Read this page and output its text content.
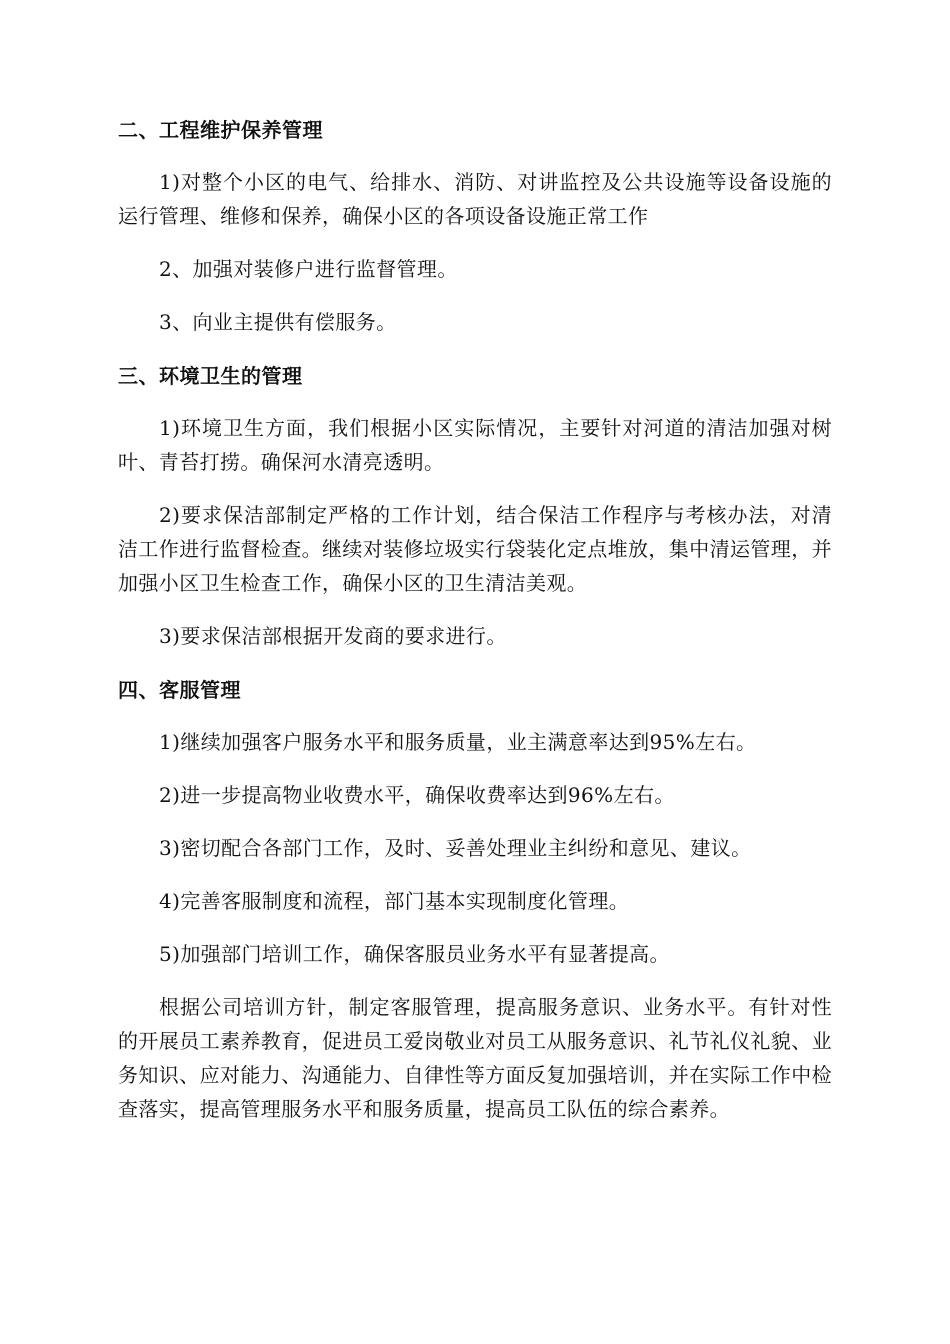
二、工程维护保养管理

1)对整个小区的电气、给排水、消防、对讲监控及公共设施等设备设施的运行管理、维修和保养，确保小区的各项设备设施正常工作

2、加强对装修户进行监督管理。

3、向业主提供有偿服务。

三、环境卫生的管理

1)环境卫生方面，我们根据小区实际情况，主要针对河道的清洁加强对树叶、青苔打捞。确保河水清亮透明。

2)要求保洁部制定严格的工作计划，结合保洁工作程序与考核办法，对清洁工作进行监督检查。继续对装修垃圾实行袋装化定点堆放，集中清运管理，并加强小区卫生检查工作，确保小区的卫生清洁美观。

3)要求保洁部根据开发商的要求进行。

四、客服管理

1)继续加强客户服务水平和服务质量，业主满意率达到95%左右。

2)进一步提高物业收费水平，确保收费率达到96%左右。

3)密切配合各部门工作，及时、妥善处理业主纠纷和意见、建议。

4)完善客服制度和流程，部门基本实现制度化管理。

5)加强部门培训工作，确保客服员业务水平有显著提高。

根据公司培训方针，制定客服管理，提高服务意识、业务水平。有针对性的开展员工素养教育，促进员工爱岗敬业对员工从服务意识、礼节礼仪礼貌、业务知识、应对能力、沟通能力、自律性等方面反复加强培训，并在实际工作中检查落实，提高管理服务水平和服务质量，提高员工队伍的综合素养。
